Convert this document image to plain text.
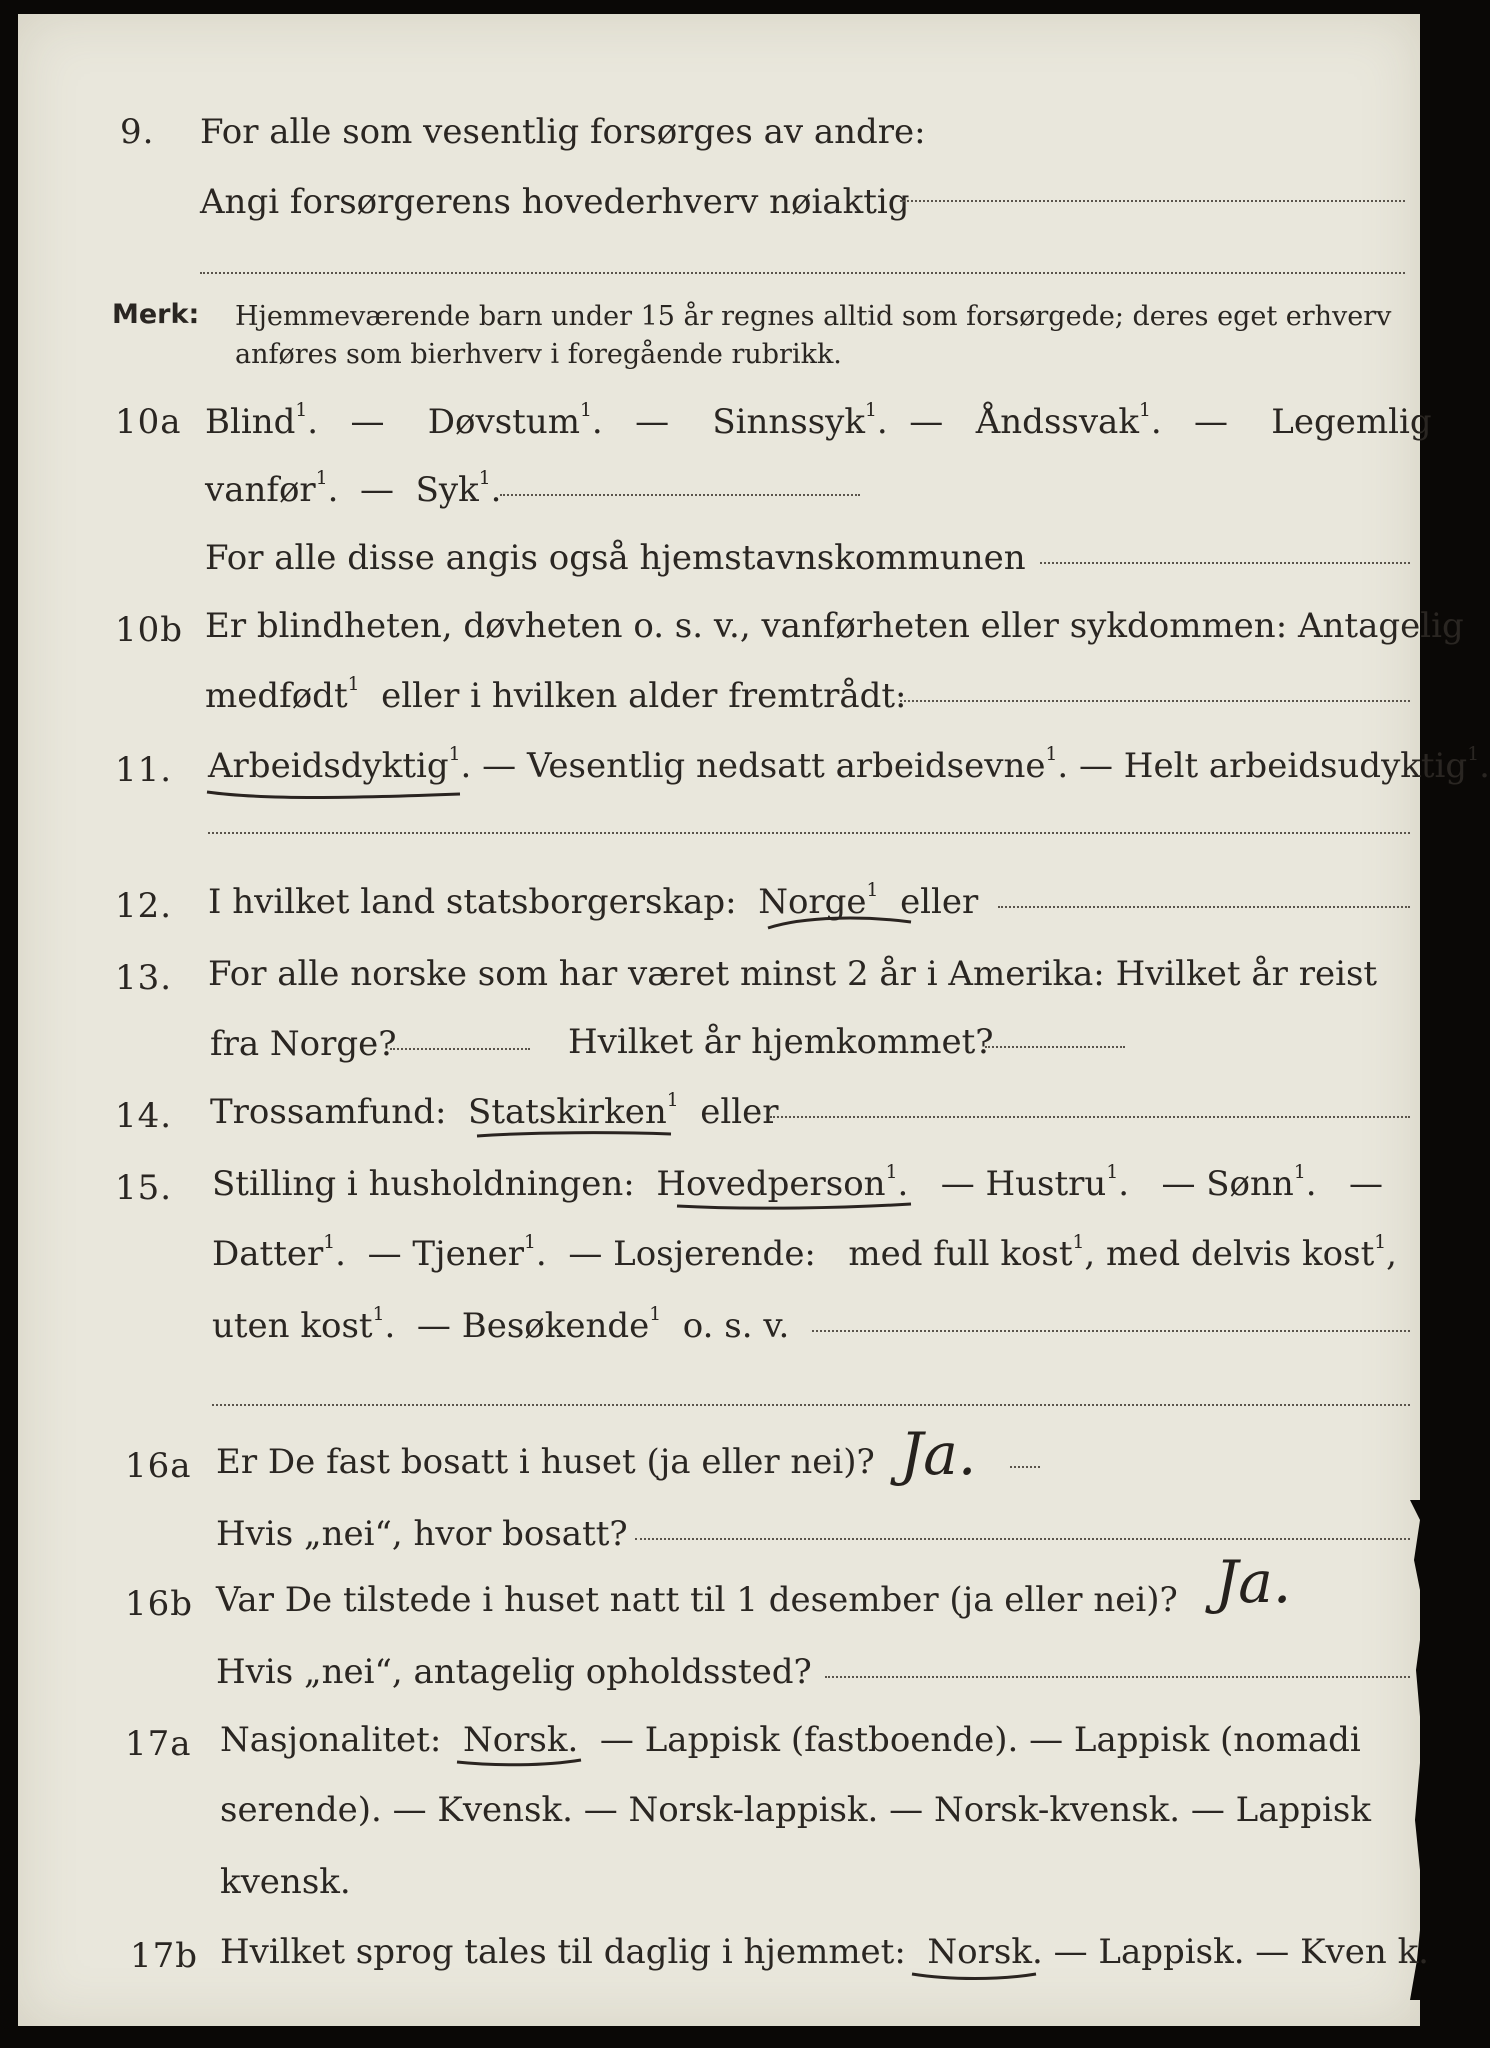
9. For alle som vesentlig forsørges av andre:
Angi forsørgerens hovederhverv nøiaktig
Merk: Hjemmeværende barn under 15 år regnes alltid som forsørgede; deres eget erhverv
anføres som bierhverv i foregående rubrikk.
10a Blind$^1$.   —    Døvstum$^1$.   —    Sinnssyk$^1$.  —   Åndssvak$^1$.   —    Legemlig
vanfør$^1$.  —  Syk$^1$.
For alle disse angis også hjemstavnskommunen
10b Er blindheten, døvheten o. s. v., vanførheten eller sykdommen: Antagelig
medfødt$^1$ eller i hvilken alder fremtrådt:
11. Arbeidsdyktig$^1$. — Vesentlig nedsatt arbeidsevne$^1$. — Helt arbeidsudyktig$^1$.
12. I hvilket land statsborgerskap: Norge$^1$ eller
13. For alle norske som har været minst 2 år i Amerika: Hvilket år reist
fra Norge?	Hvilket år hjemkommet?
14. Trossamfund: Statskirken$^1$ eller
15. Stilling i husholdningen: Hovedperson$^1$.   — Hustru$^1$.   — Sønn$^1$.   —
Datter$^1$.  — Tjener$^1$.  — Losjerende: med full kost$^1$, med delvis kost$^1$,
uten kost$^1$.  — Besøkende$^1$ o. s. v.
16a Er De fast bosatt i huset (ja eller nei)? Ja.
Hvis „nei“, hvor bosatt?
16b Var De tilstede i huset natt til 1 desember (ja eller nei)? Ja.
Hvis „nei“, antagelig opholdssted?
17a Nasjonalitet: Norsk. — Lappisk (fastboende). — Lappisk (nomadi
serende). — Kvensk. — Norsk-lappisk. — Norsk-kvensk. — Lappisk
kvensk.
17b Hvilket sprog tales til daglig i hjemmet: Norsk. — Lappisk. — Kven k.
